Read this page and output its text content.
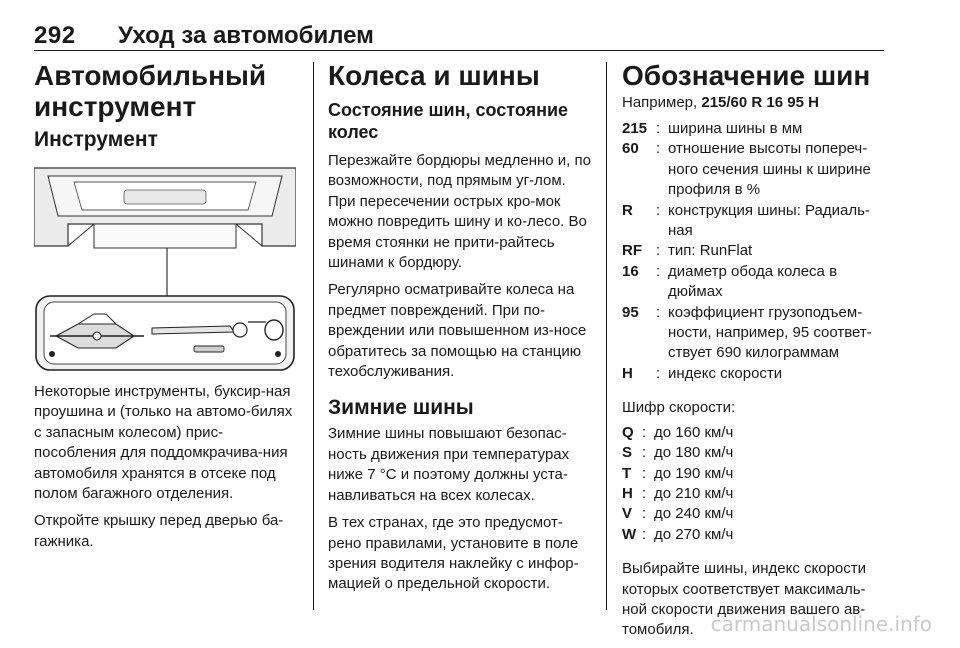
292 Уход за автомобилем
Автомобильный инструмент
Инструмент
Некоторые инструменты, буксир-ная проушина и (только на автомо-билях с запасным колесом) прис-пособления для поддомкрачива-ния автомобиля хранятся в отсеке под полом багажного отделения.
Откройте крышку перед дверью ба-гажника.
Колеса и шины
Состояние шин, состояние колес
Перезжайте бордюры медленно и, по возможности, под прямым уг-лом. При пересечении острых кро-мок можно повредить шину и ко-лесо. Во время стоянки не прити-райтесь шинами к бордюру.
Регулярно осматривайте колеса на предмет повреждений. При по-вреждении или повышенном из-носе обратитесь за помощью на станцию техобслуживания.
Зимние шины
Зимние шины повышают безопас-ность движения при температурах ниже 7 °C и поэтому должны уста-навливаться на всех колесах.
В тех странах, где это предусмот-рено правилами, установите в поле зрения водителя наклейку с инфор-мацией о предельной скорости.
Обозначение шин
Например, 215/60 R 16 95 H
215 : ширина шины в мм
60	: отношение высоты попереч-ного сечения шины к ширине профиля в %
R	: конструкция шины: Радиаль-ная
RF : тип: RunFlat
16	: диаметр обода колеса в дюймах
95	: коэффициент грузоподъем-ности, например, 95 соответ-ствует 690 килограммам
H	: индекс скорости
Шифр скорости:
Q : до 160 км/ч
S : до 180 км/ч
T : до 190 км/ч
H : до 210 км/ч
V : до 240 км/ч
W : до 270 км/ч
Выбирайте шины, индекс скорости которых соответствует максималь-ной скорости движения вашего ав-томобиля. carmanualsonline.info
